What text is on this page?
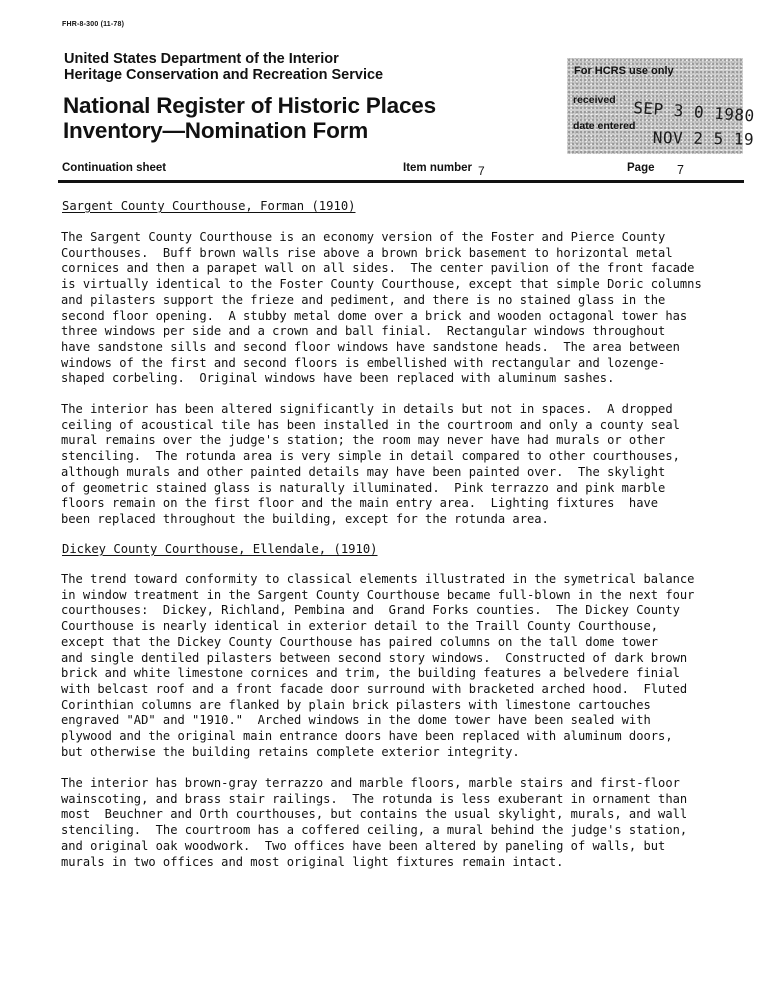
FHR-8-300 (11-78)
United States Department of the Interior
Heritage Conservation and Recreation Service
National Register of Historic Places
Inventory—Nomination Form
For HCRS use only
received SEP 3 0 1980
date entered
NOV 2 5 19
Continuation sheet	Item number 7	Page 7
Sargent County Courthouse, Forman (1910)
The Sargent County Courthouse is an economy version of the Foster and Pierce County
Courthouses.  Buff brown walls rise above a brown brick basement to horizontal metal
cornices and then a parapet wall on all sides.  The center pavilion of the front facade
is virtually identical to the Foster County Courthouse, except that simple Doric columns
and pilasters support the frieze and pediment, and there is no stained glass in the
second floor opening.  A stubby metal dome over a brick and wooden octagonal tower has
three windows per side and a crown and ball finial.  Rectangular windows throughout
have sandstone sills and second floor windows have sandstone heads.  The area between
windows of the first and second floors is embellished with rectangular and lozenge-
shaped corbeling.  Original windows have been replaced with aluminum sashes.
The interior has been altered significantly in details but not in spaces.  A dropped
ceiling of acoustical tile has been installed in the courtroom and only a county seal
mural remains over the judge's station; the room may never have had murals or other
stenciling.  The rotunda area is very simple in detail compared to other courthouses,
although murals and other painted details may have been painted over.  The skylight
of geometric stained glass is naturally illuminated.  Pink terrazzo and pink marble
floors remain on the first floor and the main entry area.  Lighting fixtures  have
been replaced throughout the building, except for the rotunda area.
Dickey County Courthouse, Ellendale, (1910)
The trend toward conformity to classical elements illustrated in the symetrical balance
in window treatment in the Sargent County Courthouse became full-blown in the next four
courthouses:  Dickey, Richland, Pembina and  Grand Forks counties.  The Dickey County
Courthouse is nearly identical in exterior detail to the Traill County Courthouse,
except that the Dickey County Courthouse has paired columns on the tall dome tower
and single dentiled pilasters between second story windows.  Constructed of dark brown
brick and white limestone cornices and trim, the building features a belvedere finial
with belcast roof and a front facade door surround with bracketed arched hood.  Fluted
Corinthian columns are flanked by plain brick pilasters with limestone cartouches
engraved "AD" and "1910."  Arched windows in the dome tower have been sealed with
plywood and the original main entrance doors have been replaced with aluminum doors,
but otherwise the building retains complete exterior integrity.
The interior has brown-gray terrazzo and marble floors, marble stairs and first-floor
wainscoting, and brass stair railings.  The rotunda is less exuberant in ornament than
most  Beuchner and Orth courthouses, but contains the usual skylight, murals, and wall
stenciling.  The courtroom has a coffered ceiling, a mural behind the judge's station,
and original oak woodwork.  Two offices have been altered by paneling of walls, but
murals in two offices and most original light fixtures remain intact.
